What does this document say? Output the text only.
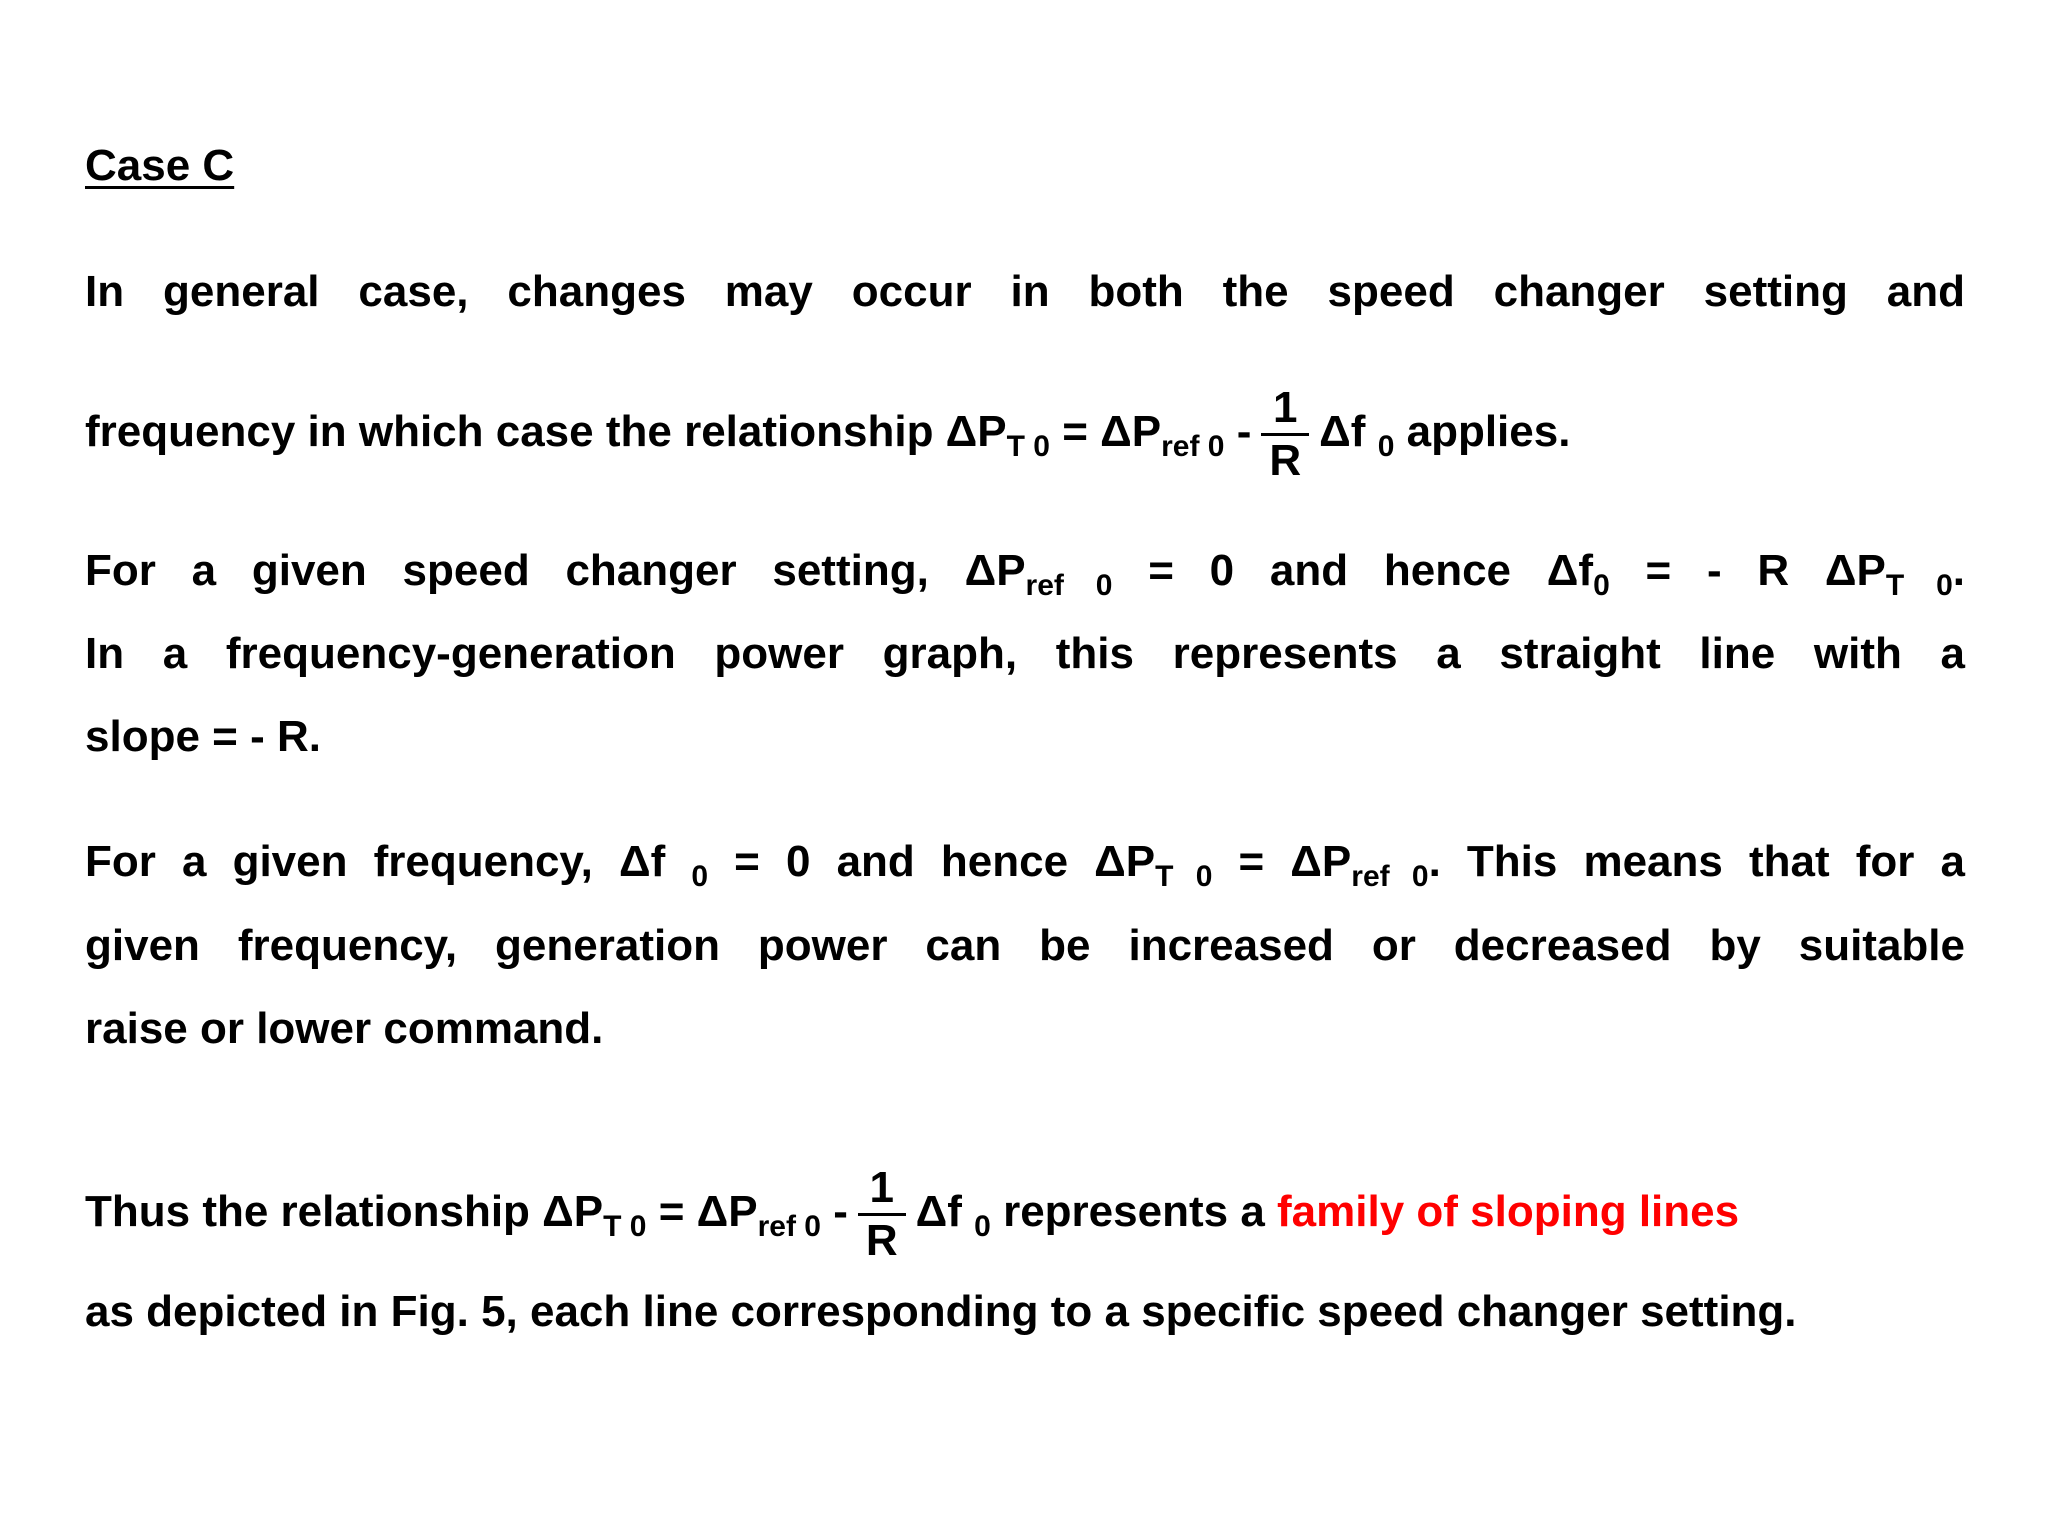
Case C
In general case, changes may occur in both the speed changer setting and
frequency in which case the relationship $\Delta P_{T 0} = \Delta P_{ref 0} - \frac{1}{R}$ Δf $_0$ applies.
For a given speed changer setting, $\Delta P_{ref 0} = 0$ and hence $\Delta f_0$ = - R $\Delta P_{T 0}$.
In a frequency-generation power graph, this represents a straight line with a
slope = - R.
For a given frequency, Δf $_0$ = 0 and hence $\Delta P_{T 0} = \Delta P_{ref 0}$. This means that for a
given frequency, generation power can be increased or decreased by suitable
raise or lower command.
Thus the relationship $\Delta P_{T 0} = \Delta P_{ref 0} - \frac{1}{R}$ Δf $_0$ represents a family of sloping lines
as depicted in Fig. 5, each line corresponding to a specific speed changer setting.
